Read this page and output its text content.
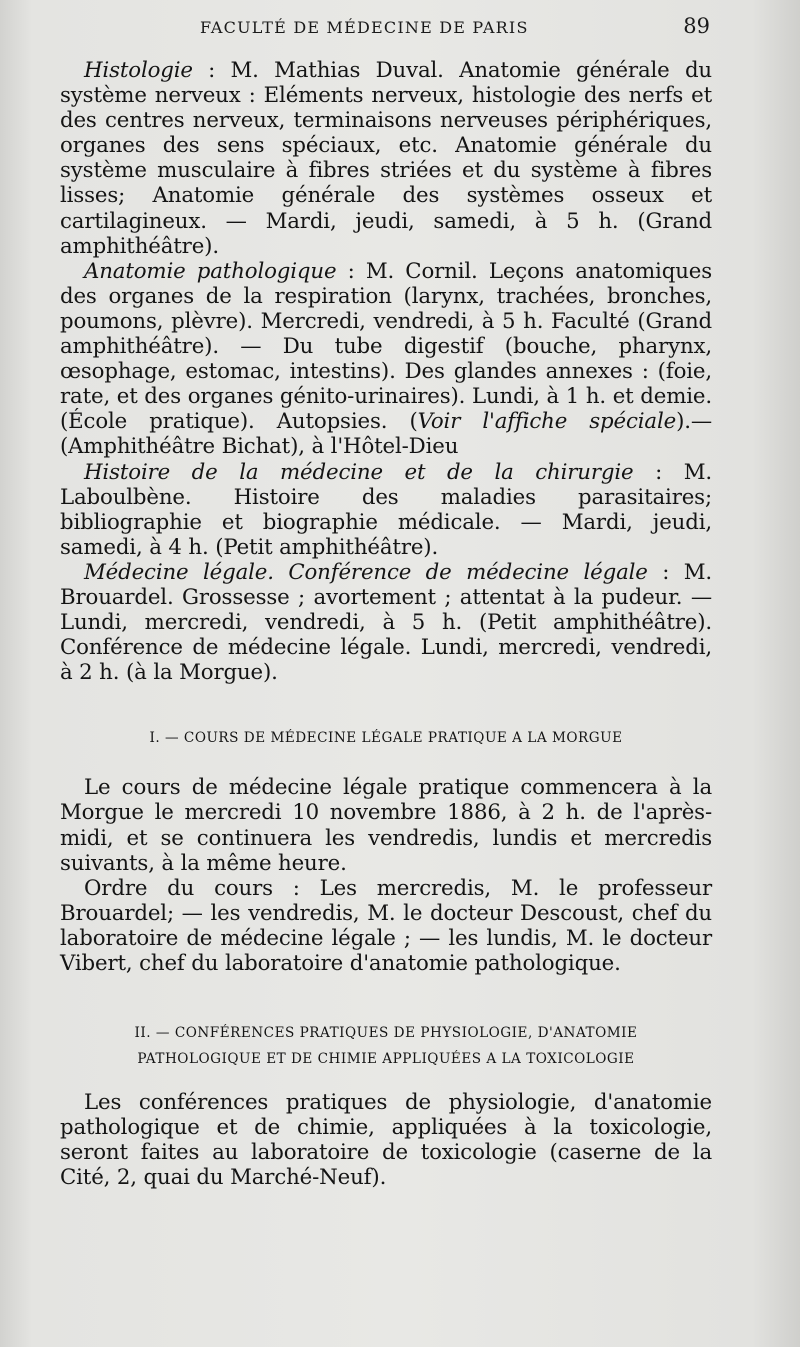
FACULTÉ DE MÉDECINE DE PARIS	89

Histologie : M. Mathias Duval. Anatomie générale du système nerveux : Eléments nerveux, histologie des nerfs et des centres nerveux, terminaisons nerveuses périphériques, organes des sens spéciaux, etc. Anatomie générale du système musculaire à fibres striées et du système à fibres lisses; Anatomie générale des systèmes osseux et cartilagineux. — Mardi, jeudi, samedi, à 5 h. (Grand amphithéâtre).

Anatomie pathologique : M. Cornil. Leçons anatomiques des organes de la respiration (larynx, trachées, bronches, poumons, plèvre). Mercredi, vendredi, à 5 h. Faculté (Grand amphithéâtre). — Du tube digestif (bouche, pharynx, œsophage, estomac, intestins). Des glandes annexes : (foie, rate, et des organes génito-urinaires). Lundi, à 1 h. et demie. (École pratique). Autopsies. (Voir l'affiche spéciale).— (Amphithéâtre Bichat), à l'Hôtel-Dieu

Histoire de la médecine et de la chirurgie : M. Laboulbène. Histoire des maladies parasitaires; bibliographie et biographie médicale. — Mardi, jeudi, samedi, à 4 h. (Petit amphithéâtre).

Médecine légale. Conférence de médecine légale : M. Brouardel. Grossesse ; avortement ; attentat à la pudeur. — Lundi, mercredi, vendredi, à 5 h. (Petit amphithéâtre). Conférence de médecine légale. Lundi, mercredi, vendredi, à 2 h. (à la Morgue).

I. — COURS DE MÉDECINE LÉGALE PRATIQUE A LA MORGUE

Le cours de médecine légale pratique commencera à la Morgue le mercredi 10 novembre 1886, à 2 h. de l'après-midi, et se continuera les vendredis, lundis et mercredis suivants, à la même heure.

Ordre du cours : Les mercredis, M. le professeur Brouardel; — les vendredis, M. le docteur Descoust, chef du laboratoire de médecine légale ; — les lundis, M. le docteur Vibert, chef du laboratoire d'anatomie pathologique.

II. — CONFÉRENCES PRATIQUES DE PHYSIOLOGIE, D'ANATOMIE
PATHOLOGIQUE ET DE CHIMIE APPLIQUÉES A LA TOXICOLOGIE

Les conférences pratiques de physiologie, d'anatomie pathologique et de chimie, appliquées à la toxicologie, seront faites au laboratoire de toxicologie (caserne de la Cité, 2, quai du Marché-Neuf).
